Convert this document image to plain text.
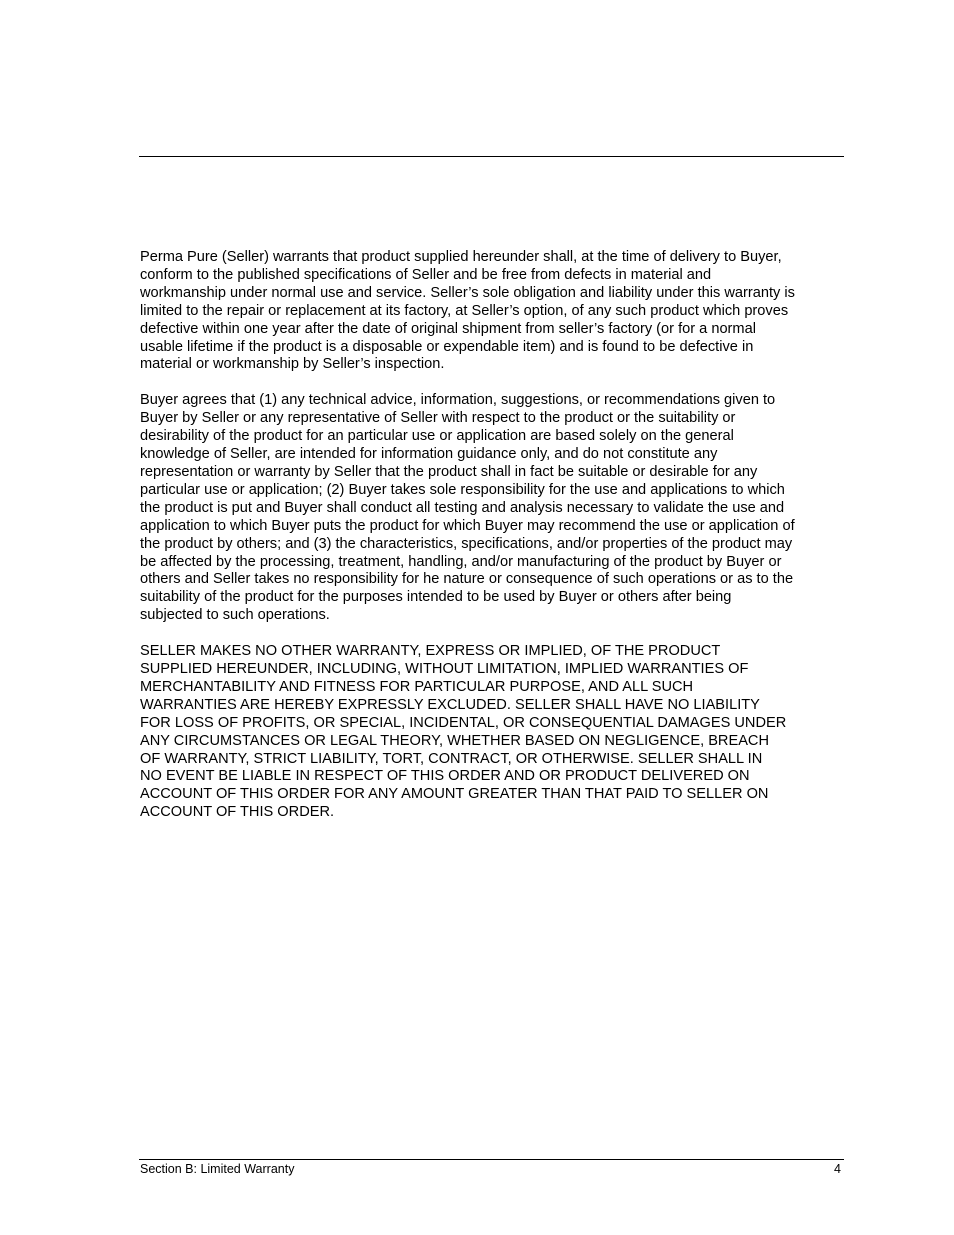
Perma Pure (Seller) warrants that product supplied hereunder shall, at the time of delivery to Buyer,
conform to the published specifications of Seller and be free from defects in material and
workmanship under normal use and service. Seller’s sole obligation and liability under this warranty is
limited to the repair or replacement at its factory, at Seller’s option, of any such product which proves
defective within one year after the date of original shipment from seller’s factory (or for a normal
usable lifetime if the product is a disposable or expendable item) and is found to be defective in
material or workmanship by Seller’s inspection.

Buyer agrees that (1) any technical advice, information, suggestions, or recommendations given to
Buyer by Seller or any representative of Seller with respect to the product or the suitability or
desirability of the product for an particular use or application are based solely on the general
knowledge of Seller, are intended for information guidance only, and do not constitute any
representation or warranty by Seller that the product shall in fact be suitable or desirable for any
particular use or application; (2) Buyer takes sole responsibility for the use and applications to which
the product is put and Buyer shall conduct all testing and analysis necessary to validate the use and
application to which Buyer puts the product for which Buyer may recommend the use or application of
the product by others; and (3) the characteristics, specifications, and/or properties of the product may
be affected by the processing, treatment, handling, and/or manufacturing of the product by Buyer or
others and Seller takes no responsibility for he nature or consequence of such operations or as to the
suitability of the product for the purposes intended to be used by Buyer or others after being
subjected to such operations.

SELLER MAKES NO OTHER WARRANTY, EXPRESS OR IMPLIED, OF THE PRODUCT
SUPPLIED HEREUNDER, INCLUDING, WITHOUT LIMITATION, IMPLIED WARRANTIES OF
MERCHANTABILITY AND FITNESS FOR PARTICULAR PURPOSE, AND ALL SUCH
WARRANTIES ARE HEREBY EXPRESSLY EXCLUDED. SELLER SHALL HAVE NO LIABILITY
FOR LOSS OF PROFITS, OR SPECIAL, INCIDENTAL, OR CONSEQUENTIAL DAMAGES UNDER
ANY CIRCUMSTANCES OR LEGAL THEORY, WHETHER BASED ON NEGLIGENCE, BREACH
OF WARRANTY, STRICT LIABILITY, TORT, CONTRACT, OR OTHERWISE. SELLER SHALL IN
NO EVENT BE LIABLE IN RESPECT OF THIS ORDER AND OR PRODUCT DELIVERED ON
ACCOUNT OF THIS ORDER FOR ANY AMOUNT GREATER THAN THAT PAID TO SELLER ON
ACCOUNT OF THIS ORDER.

Section B: Limited Warranty	4
